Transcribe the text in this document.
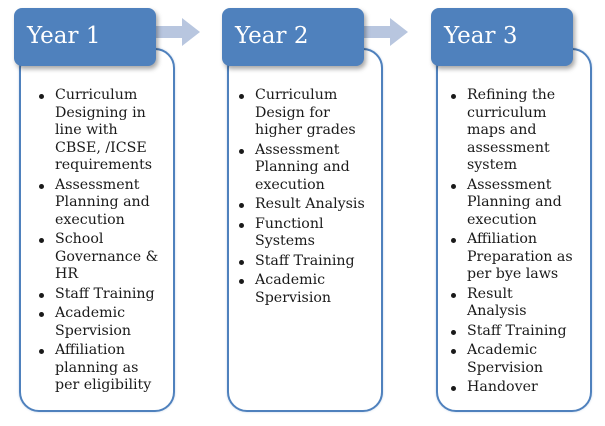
Curriculum Designing in line with CBSE, /ICSE requirements
Assessment Planning and execution
School Governance & HR
Staff Training
Academic Spervision
Affiliation planning as per eligibility
Year 1
Curriculum Design for higher grades
Assessment Planning and execution
Result Analysis
Functionl Systems
Staff Training
Academic Spervision
Year 2
Refining the curriculum maps and assessment system
Assessment Planning and execution
Affiliation Preparation as per bye laws
Result Analysis
Staff Training
Academic Spervision
Handover
Year 3
